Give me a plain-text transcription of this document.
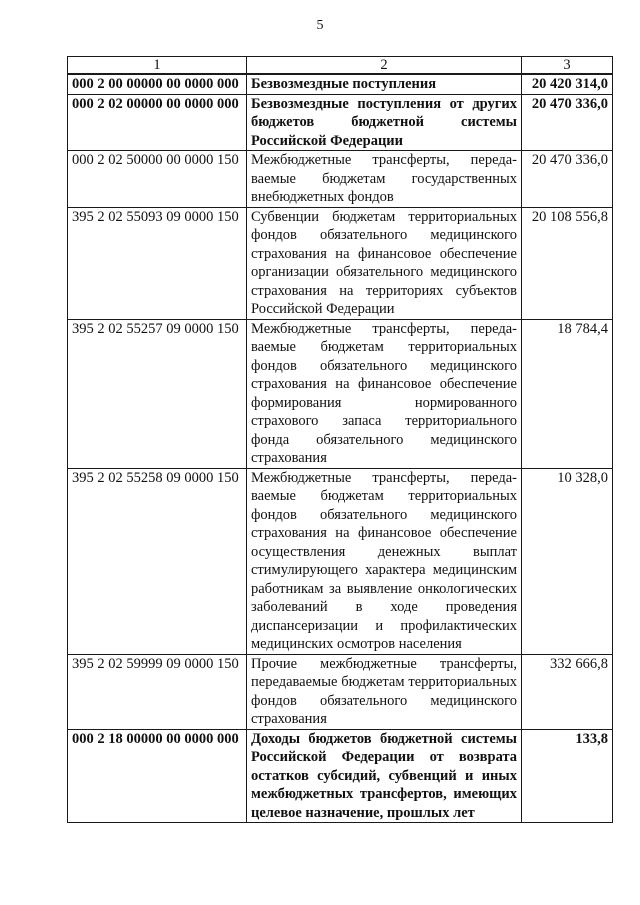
5
1	2	3
000 2 00 00000 00 0000 000	Безвозмездные поступления	20 420 314,0
000 2 02 00000 00 0000 000	Безвозмездные поступления от других бюджетов бюджетной системы Российской Федерации	20 470 336,0
000 2 02 50000 00 0000 150	Межбюджетные трансферты, передаваемые бюджетам государственных внебюджетных фондов	20 470 336,0
395 2 02 55093 09 0000 150	Субвенции бюджетам территориальных фондов обязательного медицинского страхования на финансовое обеспечение организации обязательного медицинского страхования на территориях субъектов Российской Федерации	20 108 556,8
395 2 02 55257 09 0000 150	Межбюджетные трансферты, передаваемые бюджетам территориальных фондов обязательного медицинского страхования на финансовое обеспечение формирования нормированного страхового запаса территориального фонда обязательного медицинского страхования	18 784,4
395 2 02 55258 09 0000 150	Межбюджетные трансферты, передаваемые бюджетам территориальных фондов обязательного медицинского страхования на финансовое обеспечение осуществления денежных выплат стимулирующего характера медицинским работникам за выявление онкологических заболеваний в ходе проведения диспансеризации и профилактических медицинских осмотров населения	10 328,0
395 2 02 59999 09 0000 150	Прочие межбюджетные трансферты, передаваемые бюджетам территориальных фондов обязательного медицинского страхования	332 666,8
000 2 18 00000 00 0000 000	Доходы бюджетов бюджетной системы Российской Федерации от возврата остатков субсидий, субвенций и иных межбюджетных трансфертов, имеющих целевое назначение, прошлых лет	133,8
